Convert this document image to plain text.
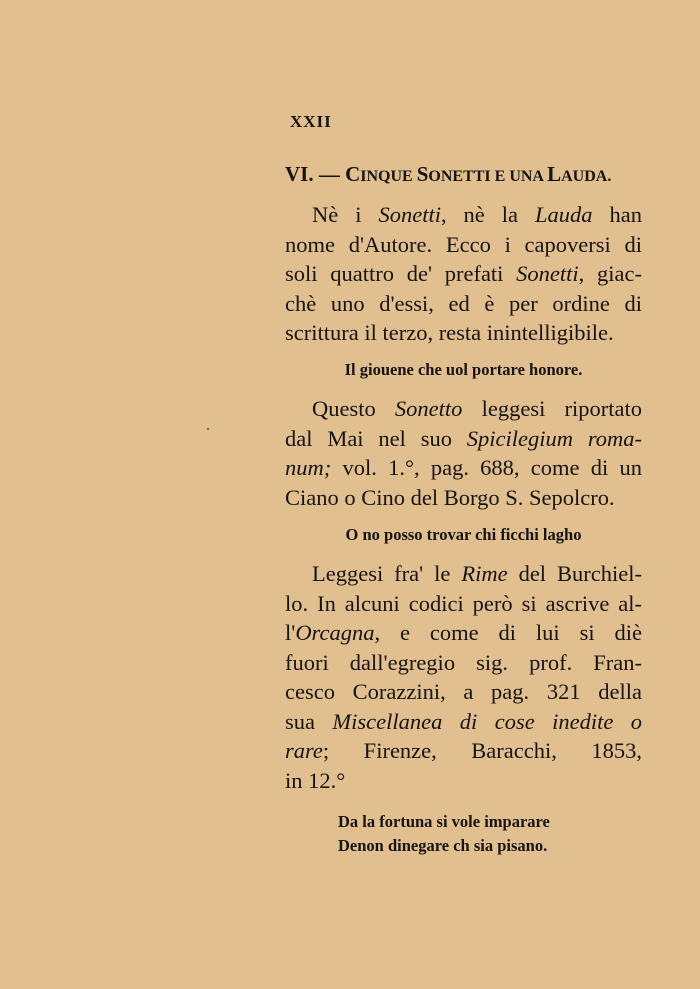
XXII
VI. — CINQUE SONETTI E UNA LAUDA.
Nè i Sonetti, nè la Lauda han
nome d'Autore. Ecco i capoversi di
soli quattro de' prefati Sonetti, giac-
chè uno d'essi, ed è per ordine di
scrittura il terzo, resta inintelligibile.
Il giouene che uol portare honore.
Questo Sonetto leggesi riportato
dal Mai nel suo Spicilegium roma-
num; vol. 1.°, pag. 688, come di un
Ciano o Cino del Borgo S. Sepolcro.
O no posso trovar chi ficchi lagho
Leggesi fra' le Rime del Burchiel-
lo. In alcuni codici però si ascrive al-
l'Orcagna, e come di lui si diè
fuori dall'egregio sig. prof. Fran-
cesco Corazzini, a pag. 321 della
sua Miscellanea di cose inedite o
rare; Firenze, Baracchi, 1853,
in 12.°
Da la fortuna si vole imparare
Denon dinegare ch sia pisano.
